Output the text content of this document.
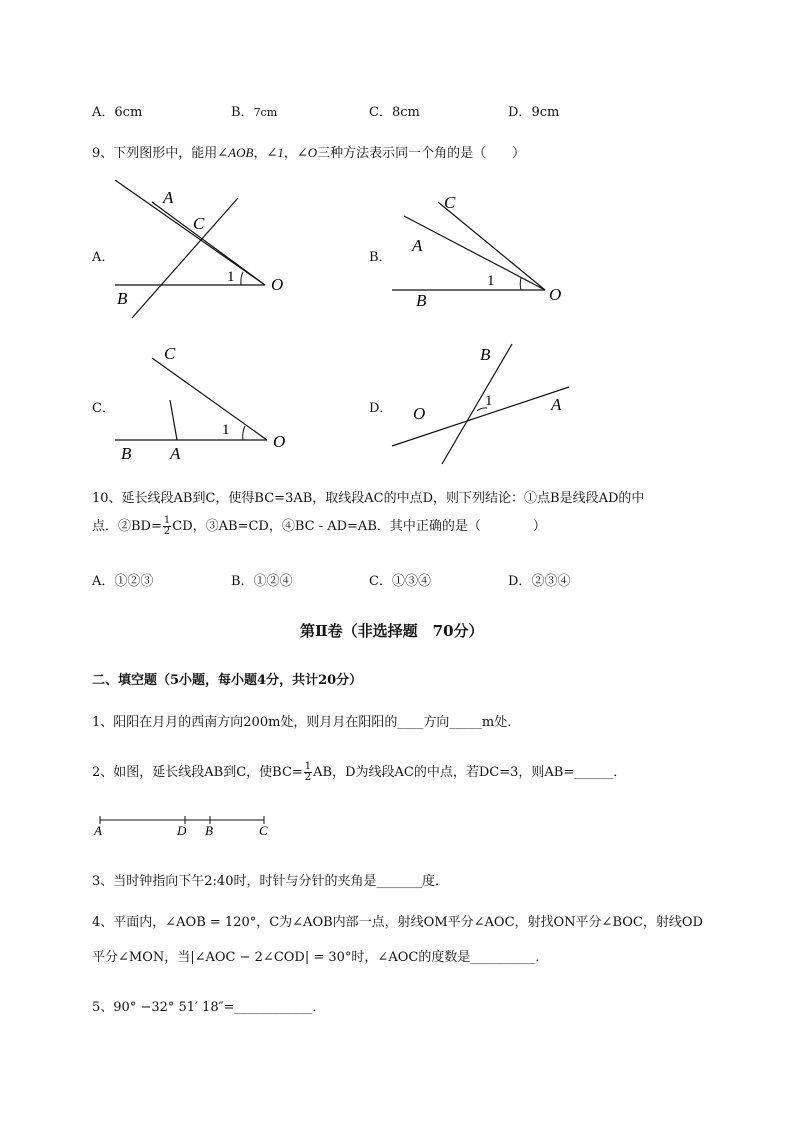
A．6cm	B．7cm	C．8cm	D．9cm
9、下列图形中，能用∠AOB，∠1，∠O三种方法表示同一个角的是（　　）
A．	B．
C．	D．
A
C
B
O
1
C
A
B	O
1
C
B A
O
1
B
O	A
1
10、延长线段AB到C，使得BC=3AB，取线段AC的中点D，则下列结论：①点B是线段AD的中
点．②BD= $\frac{1}{2}$ CD，③AB=CD，④BC - AD=AB．其中正确的是（　　　　）
A．①②③	B．①②④	C．①③④	D．②③④
第Ⅱ卷（非选择题　70分）
二、填空题（5小题，每小题4分，共计20分）
1、阳阳在月月的西南方向200m处，则月月在阳阳的____方向_____m处．
2、如图，延长线段AB到C，使$BC= \frac{1}{2}$ AB，D为线段AC的中点，若DC=3，则AB=______．
A	D B	C
3、当时钟指向下午2:40时，时针与分针的夹角是_______度．
4、平面内，∠AOB = 120°，C为∠AOB内部一点，射线OM平分∠AOC，射找ON平分∠BOC，射线OD
平分∠MON，当|∠AOC − 2∠COD| = 30°时，∠AOC的度数是__________．
5、90° −32° 51′ 18″=____________．
